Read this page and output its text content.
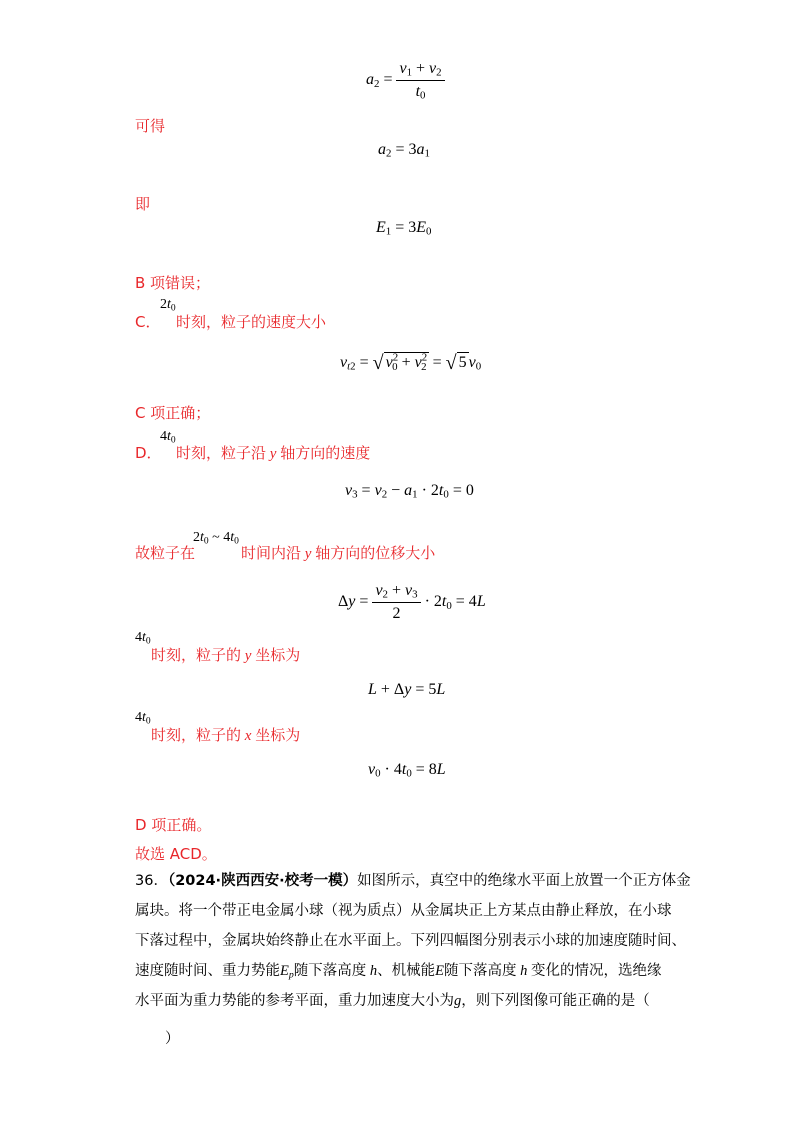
$a_2 = \frac{v_1 + v_2}{t_0}$
可得
$a_2 = 3a_1$
即
$E_1 = 3E_0$
B 项错误；
C．
$2t_0$
时刻，粒子的速度大小
$v_{t2}$ = √ $v^2_0 + v^2_2$ = √ 5 $v_0$
C 项正确；
D．
$4t_0$
时刻，粒子沿 y 轴方向的速度
$v_3 = v_2 - a_1 \cdot 2t_0 = 0$
故粒子在
$2t_0$ ~ $4t_0$
时间内沿 y 轴方向的位移大小
$\Delta y = \frac{v_2 + v_3}{2} \cdot 2t_0 = 4L$
$4t_0$
时刻，粒子的 y 坐标为
L + Δy = 5L
$4t_0$
时刻，粒子的 x 坐标为
$v_0 \cdot 4t_0 = 8L$
D 项正确。
故选 ACD。
36．（2024·陕西西安·校考一模）如图所示，真空中的绝缘水平面上放置一个正方体金
属块。将一个带正电金属小球（视为质点）从金属块正上方某点由静止释放，在小球
下落过程中，金属块始终静止在水平面上。下列四幅图分别表示小球的加速度随时间、
速度随时间、重力势能$E_p$随下落高度 h、机械能E随下落高度 h 变化的情况，选绝缘
水平面为重力势能的参考平面，重力加速度大小为g，则下列图像可能正确的是（
）
